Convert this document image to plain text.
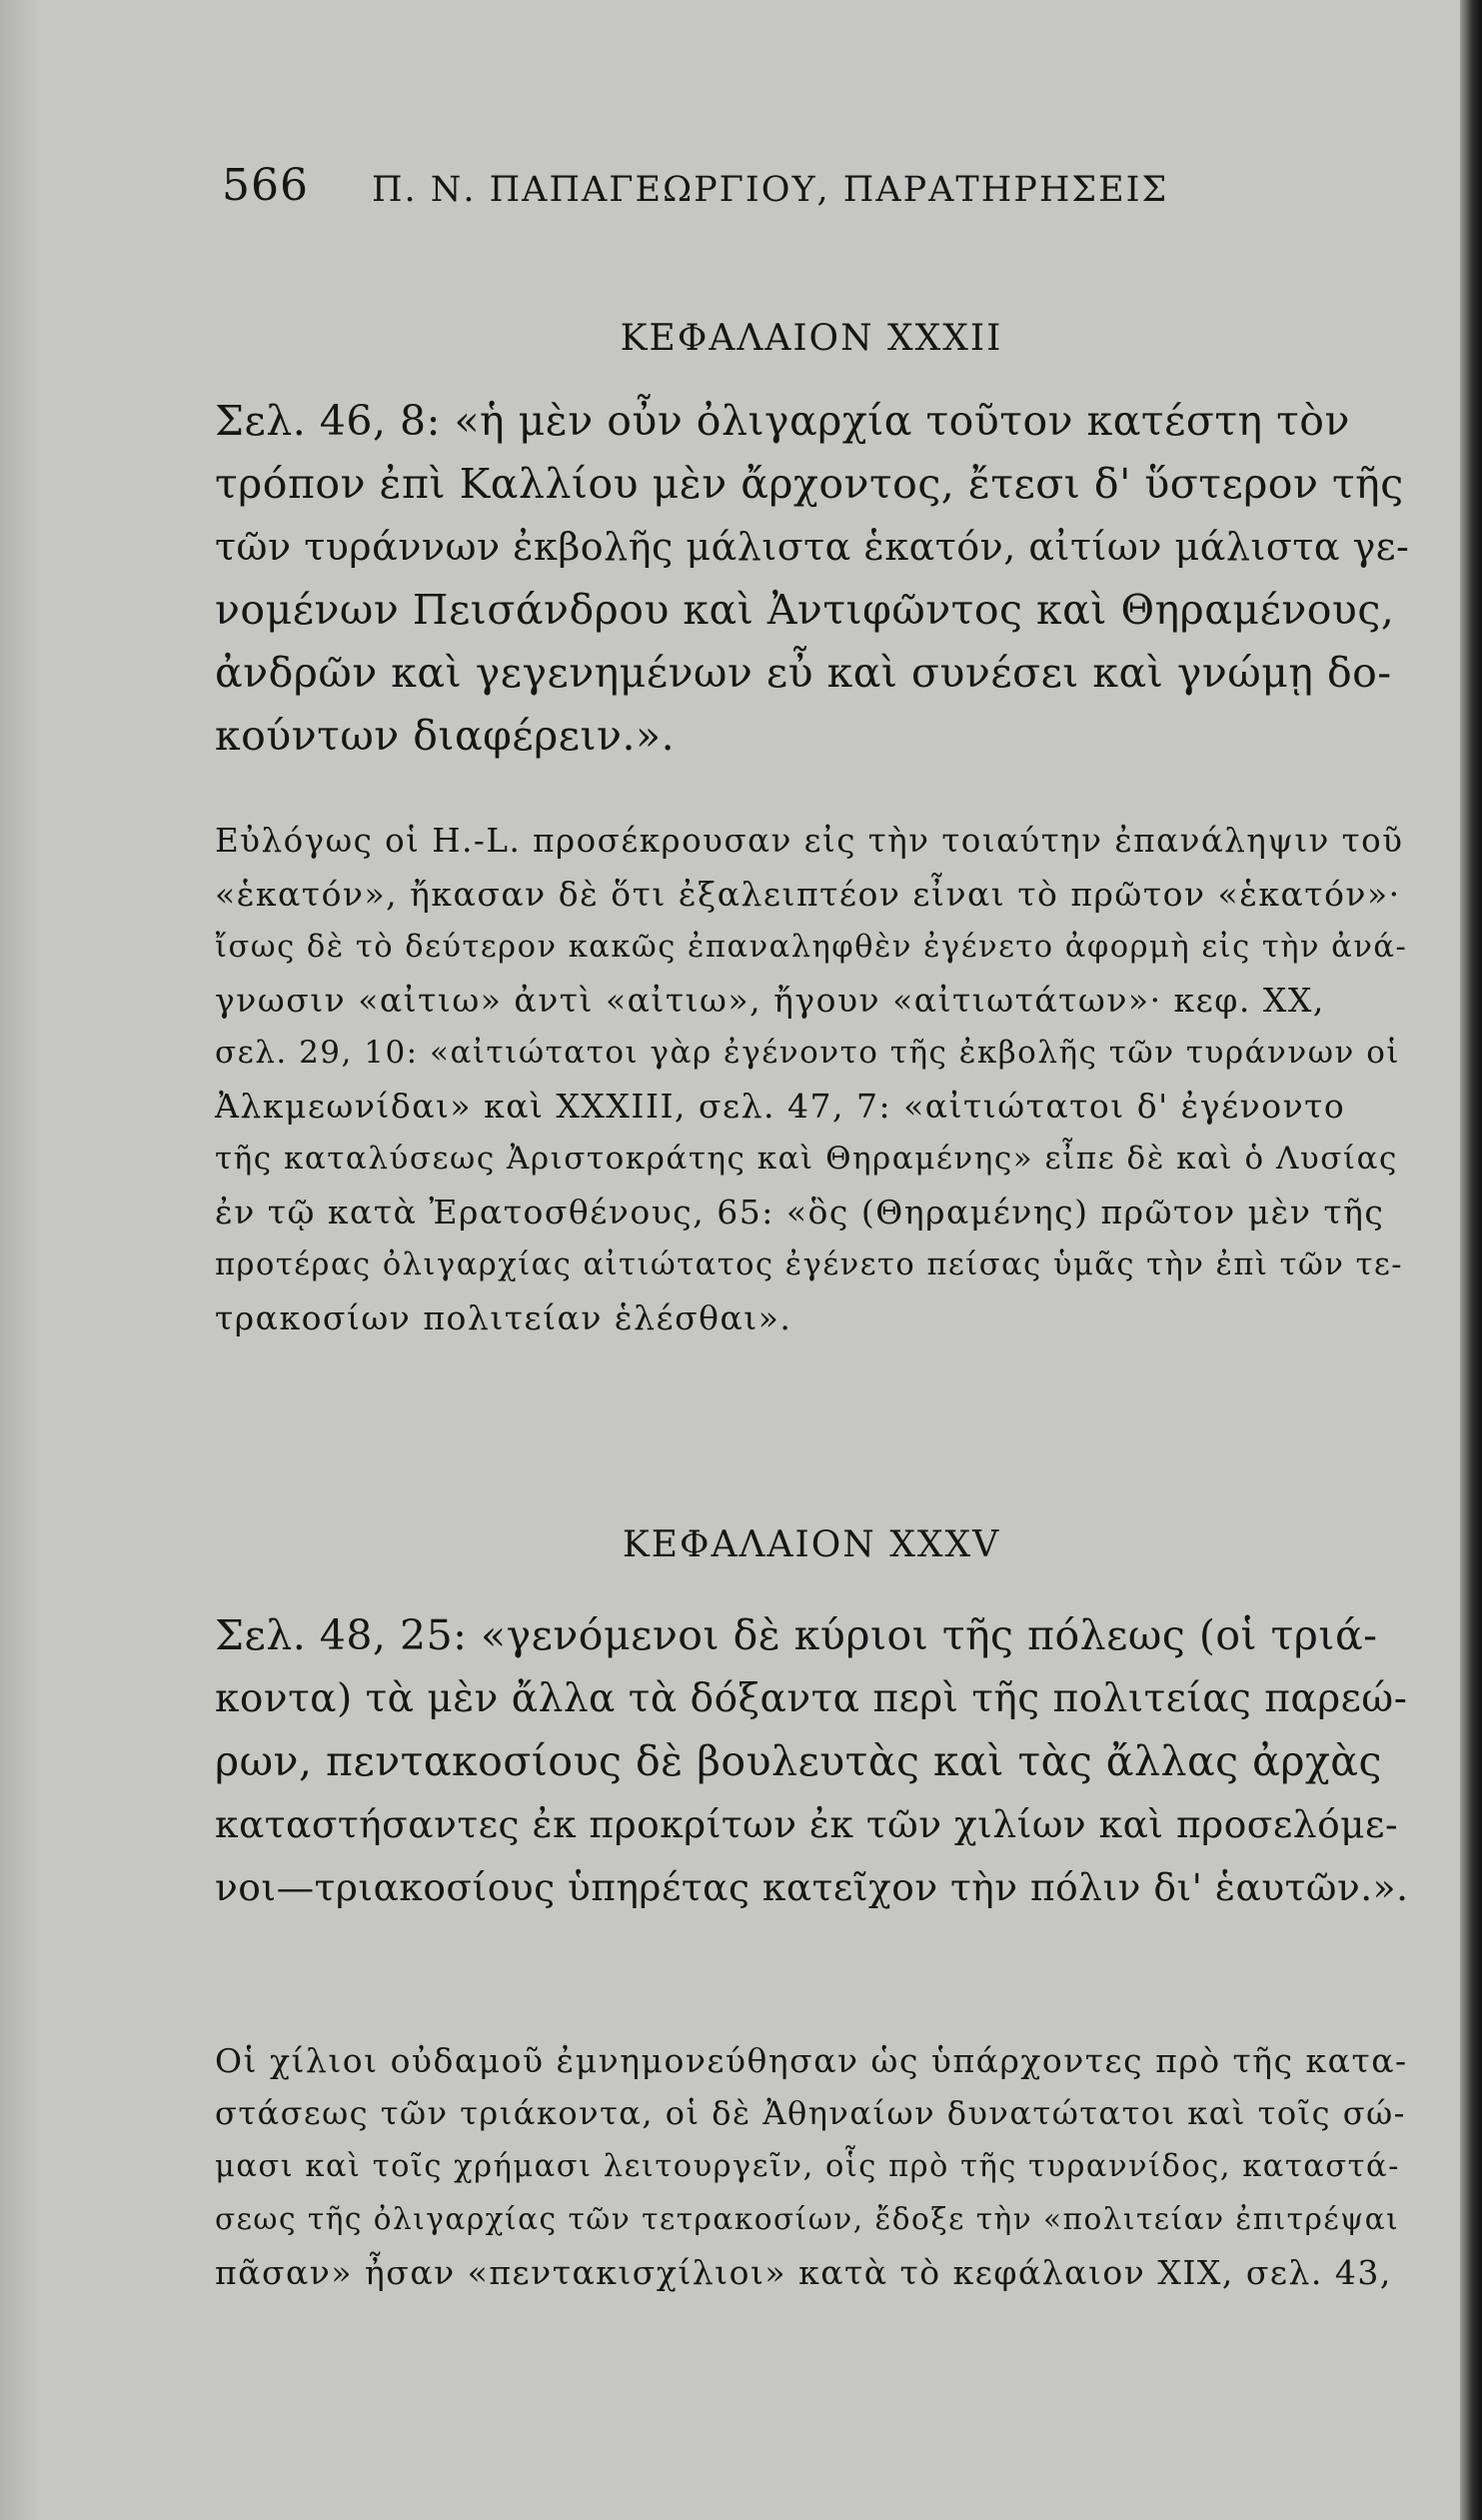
566 Π. Ν. ΠΑΠΑΓΕΩΡΓΙΟΥ, ΠΑΡΑΤΗΡΗΣΕΙΣ
ΚΕΦΑΛΑΙΟΝ XXXII
Σελ. 46, 8: «ἡ μὲν οὖν ὀλιγαρχία τοῦτον κατέστη τὸν
τρόπον ἐπὶ Καλλίου μὲν ἄρχοντος, ἔτεσι δ' ὕστερον τῆς
τῶν τυράννων ἐκβολῆς μάλιστα ἑκατόν, αἰτίων μάλιστα γε-
νομένων Πεισάνδρου καὶ Ἀντιφῶντος καὶ Θηραμένους,
ἀνδρῶν καὶ γεγενημένων εὖ καὶ συνέσει καὶ γνώμῃ δο-
κούντων διαφέρειν.».
Εὐλόγως οἱ Η.-L. προσέκρουσαν εἰς τὴν τοιαύτην ἐπανάληψιν τοῦ
«ἑκατόν», ἤκασαν δὲ ὅτι ἐξαλειπτέον εἶναι τὸ πρῶτον «ἑκατόν»·
ἴσως δὲ τὸ δεύτερον κακῶς ἐπαναληφθὲν ἐγένετο ἀφορμὴ εἰς τὴν ἀνά-
γνωσιν «αἰτιω» ἀντὶ «αἰτιω», ἤγουν «αἰτιωτάτων»· κεφ. XX,
σελ. 29, 10: «αἰτιώτατοι γὰρ ἐγένοντο τῆς ἐκβολῆς τῶν τυράννων οἱ
Ἀλκμεωνίδαι» καὶ XXXIII, σελ. 47, 7: «αἰτιώτατοι δ' ἐγένοντο
τῆς καταλύσεως Ἀριστοκράτης καὶ Θηραμένης» εἶπε δὲ καὶ ὁ Λυσίας
ἐν τῷ κατὰ Ἐρατοσθένους, 65: «ὃς (Θηραμένης) πρῶτον μὲν τῆς
προτέρας ὀλιγαρχίας αἰτιώτατος ἐγένετο πείσας ὑμᾶς τὴν ἐπὶ τῶν τε-
τρακοσίων πολιτείαν ἑλέσθαι».
ΚΕΦΑΛΑΙΟΝ XXXV
Σελ. 48, 25: «γενόμενοι δὲ κύριοι τῆς πόλεως (οἱ τριά-
κοντα) τὰ μὲν ἄλλα τὰ δόξαντα περὶ τῆς πολιτείας παρεώ-
ρων, πεντακοσίους δὲ βουλευτὰς καὶ τὰς ἄλλας ἀρχὰς
καταστήσαντες ἐκ προκρίτων ἐκ τῶν χιλίων καὶ προσελόμε-
νοι—τριακοσίους ὑπηρέτας κατεῖχον τὴν πόλιν δι' ἑαυτῶν.».
Οἱ χίλιοι οὐδαμοῦ ἐμνημονεύθησαν ὡς ὑπάρχοντες πρὸ τῆς κατα-
στάσεως τῶν τριάκοντα, οἱ δὲ Ἀθηναίων δυνατώτατοι καὶ τοῖς σώ-
μασι καὶ τοῖς χρήμασι λειτουργεῖν, οἷς πρὸ τῆς τυραννίδος, καταστά-
σεως τῆς ὀλιγαρχίας τῶν τετρακοσίων, ἔδοξε τὴν «πολιτείαν ἐπιτρέψαι
πᾶσαν» ἦσαν «πεντακισχίλιοι» κατὰ τὸ κεφάλαιον XIX, σελ. 43,
